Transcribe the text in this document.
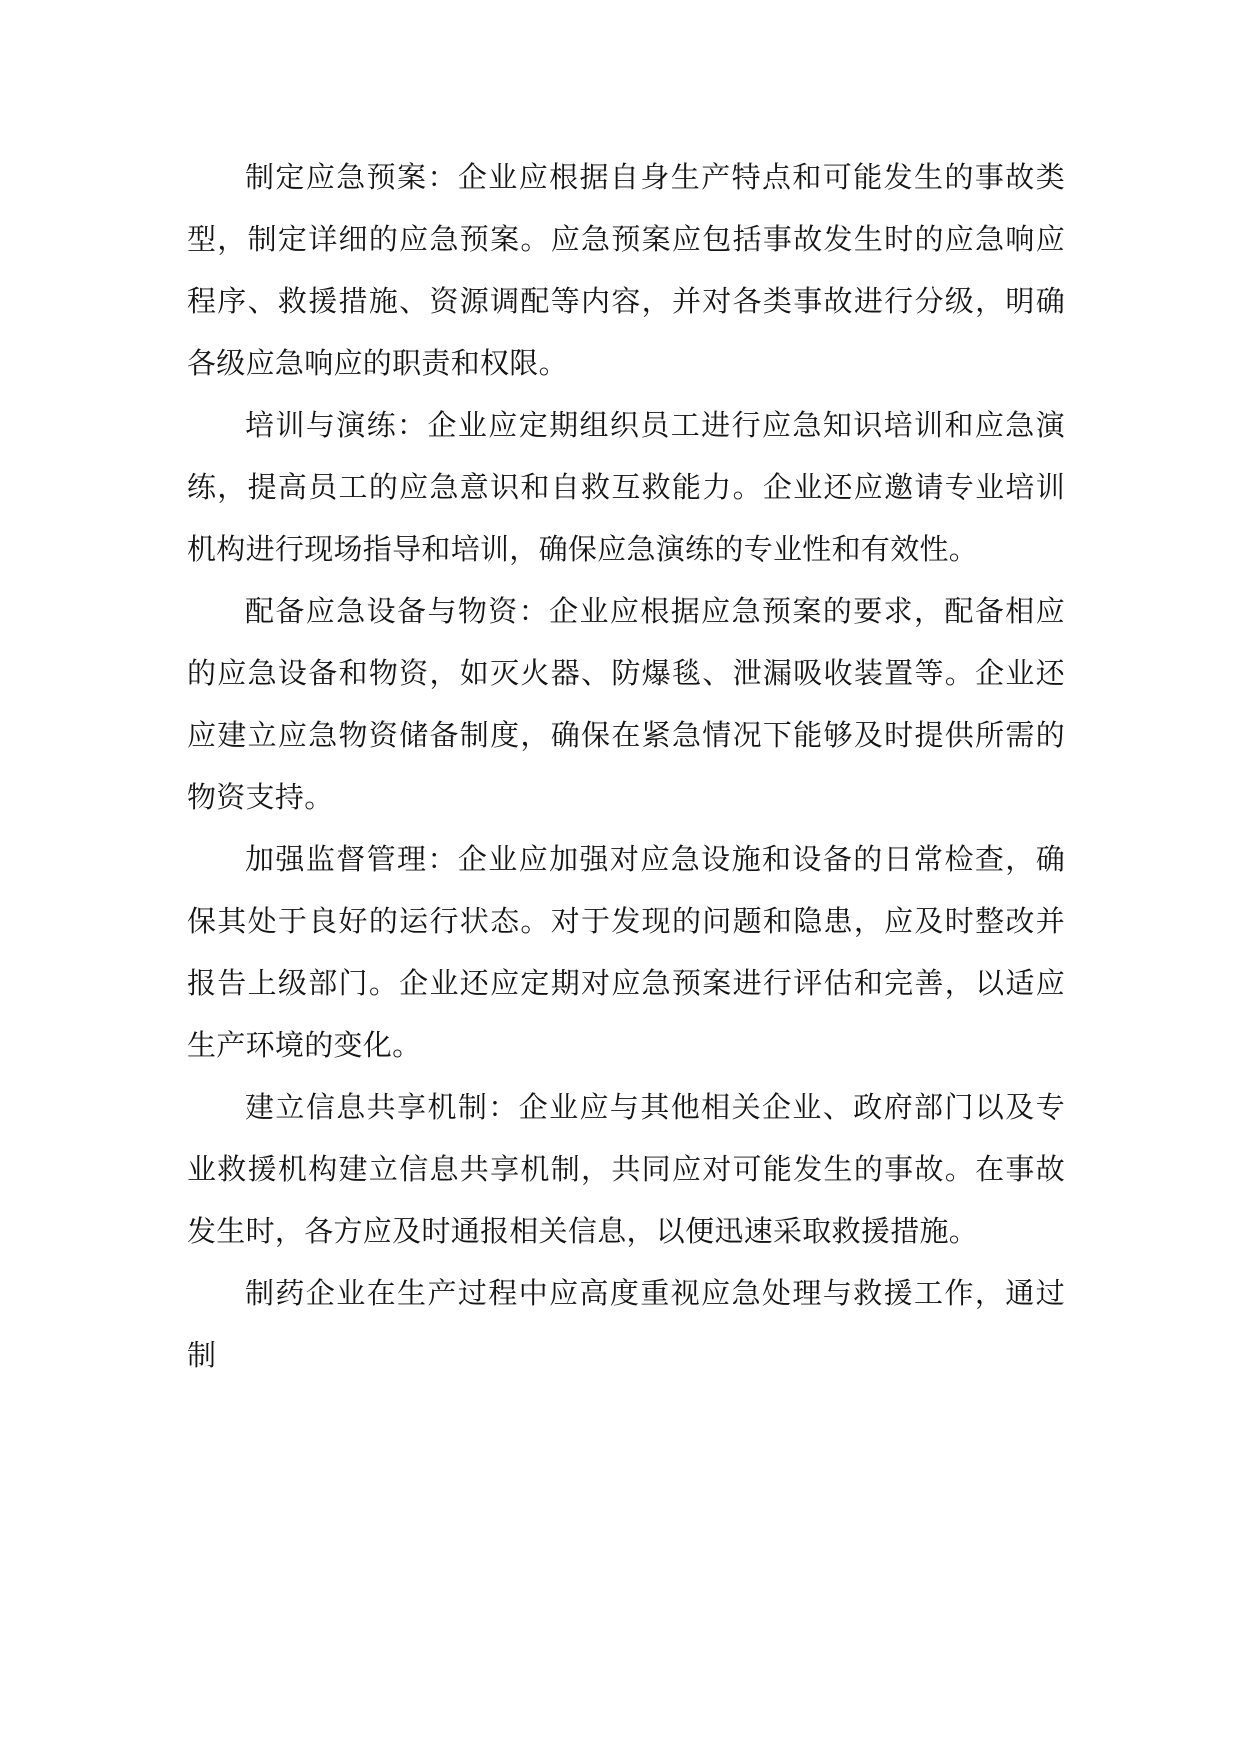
制定应急预案：企业应根据自身生产特点和可能发生的事故类型，制定详细的应急预案。应急预案应包括事故发生时的应急响应程序、救援措施、资源调配等内容，并对各类事故进行分级，明确各级应急响应的职责和权限。

培训与演练：企业应定期组织员工进行应急知识培训和应急演练，提高员工的应急意识和自救互救能力。企业还应邀请专业培训机构进行现场指导和培训，确保应急演练的专业性和有效性。

配备应急设备与物资：企业应根据应急预案的要求，配备相应的应急设备和物资，如灭火器、防爆毯、泄漏吸收装置等。企业还应建立应急物资储备制度，确保在紧急情况下能够及时提供所需的物资支持。

加强监督管理：企业应加强对应急设施和设备的日常检查，确保其处于良好的运行状态。对于发现的问题和隐患，应及时整改并报告上级部门。企业还应定期对应急预案进行评估和完善，以适应生产环境的变化。

建立信息共享机制：企业应与其他相关企业、政府部门以及专业救援机构建立信息共享机制，共同应对可能发生的事故。在事故发生时，各方应及时通报相关信息，以便迅速采取救援措施。

制药企业在生产过程中应高度重视应急处理与救援工作，通过制
